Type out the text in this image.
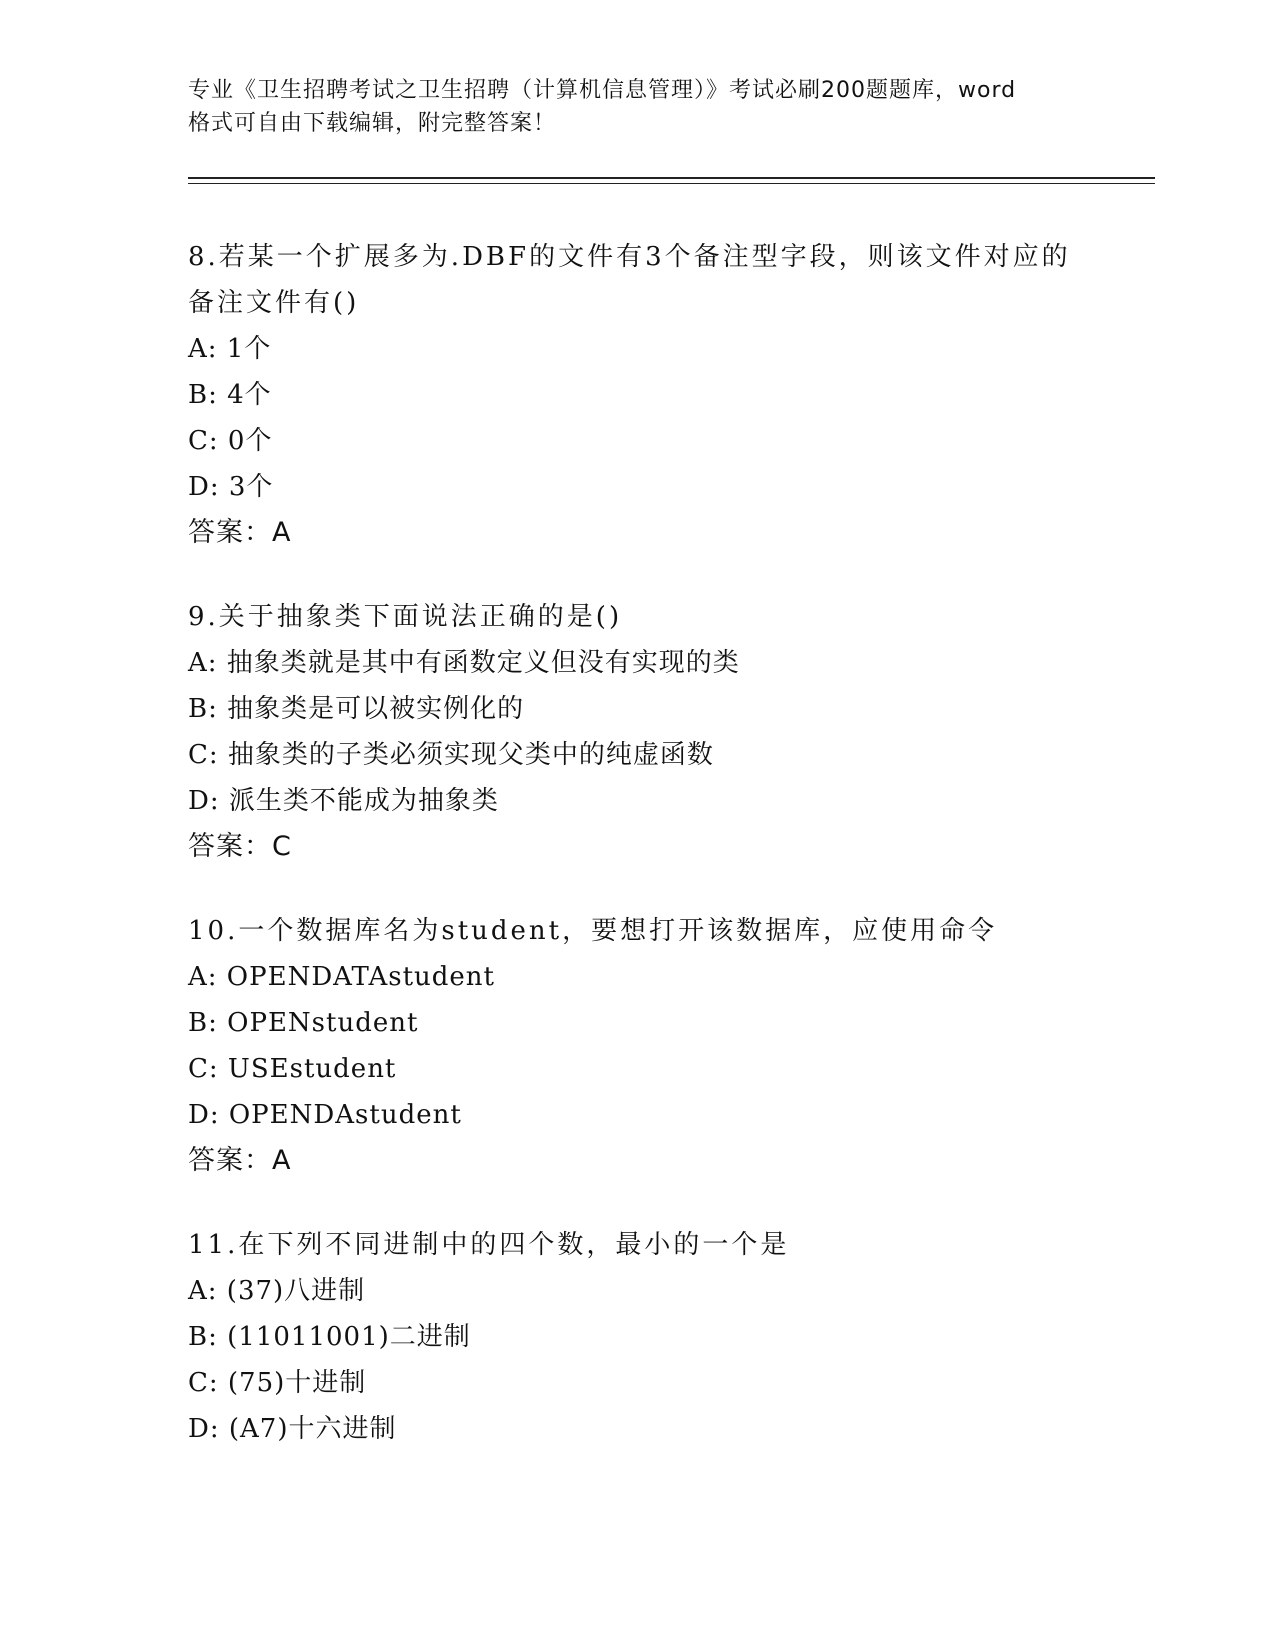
专业《卫生招聘考试之卫生招聘（计算机信息管理）》考试必刷200题题库，word
格式可自由下载编辑，附完整答案！
8.若某一个扩展多为.DBF的文件有3个备注型字段，则该文件对应的
备注文件有()
A: 1个
B: 4个
C: 0个
D: 3个
答案：A
9.关于抽象类下面说法正确的是()
A: 抽象类就是其中有函数定义但没有实现的类
B: 抽象类是可以被实例化的
C: 抽象类的子类必须实现父类中的纯虚函数
D: 派生类不能成为抽象类
答案：C
10.一个数据库名为student，要想打开该数据库，应使用命令
A: OPENDATAstudent
B: OPENstudent
C: USEstudent
D: OPENDAstudent
答案：A
11.在下列不同进制中的四个数，最小的一个是
A: (37)八进制
B: (11011001)二进制
C: (75)十进制
D: (A7)十六进制
